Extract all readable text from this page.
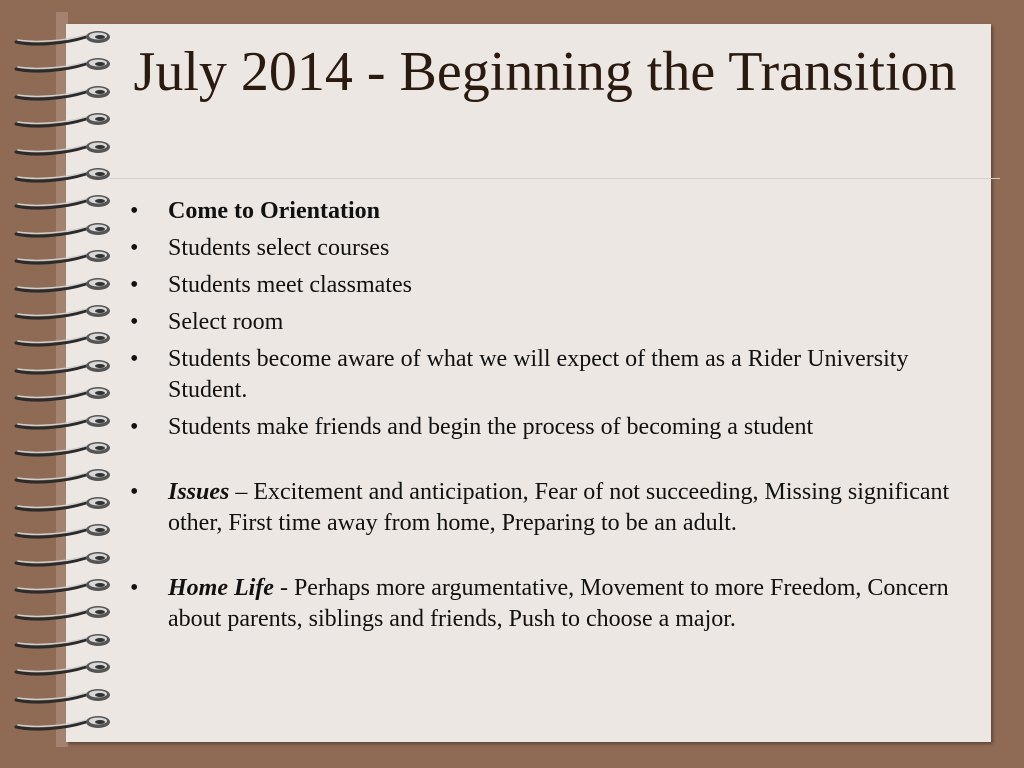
July 2014 - Beginning the Transition
• Come to Orientation
• Students select courses
• Students meet classmates
• Select room
• Students become aware of what we will expect of them as a Rider University Student.
• Students make friends and begin the process of becoming a student
• Issues – Excitement and anticipation, Fear of not succeeding, Missing significant other, First time away from home, Preparing to be an adult.
• Home Life - Perhaps more argumentative, Movement to more Freedom, Concern about parents, siblings and friends, Push to choose a major.
